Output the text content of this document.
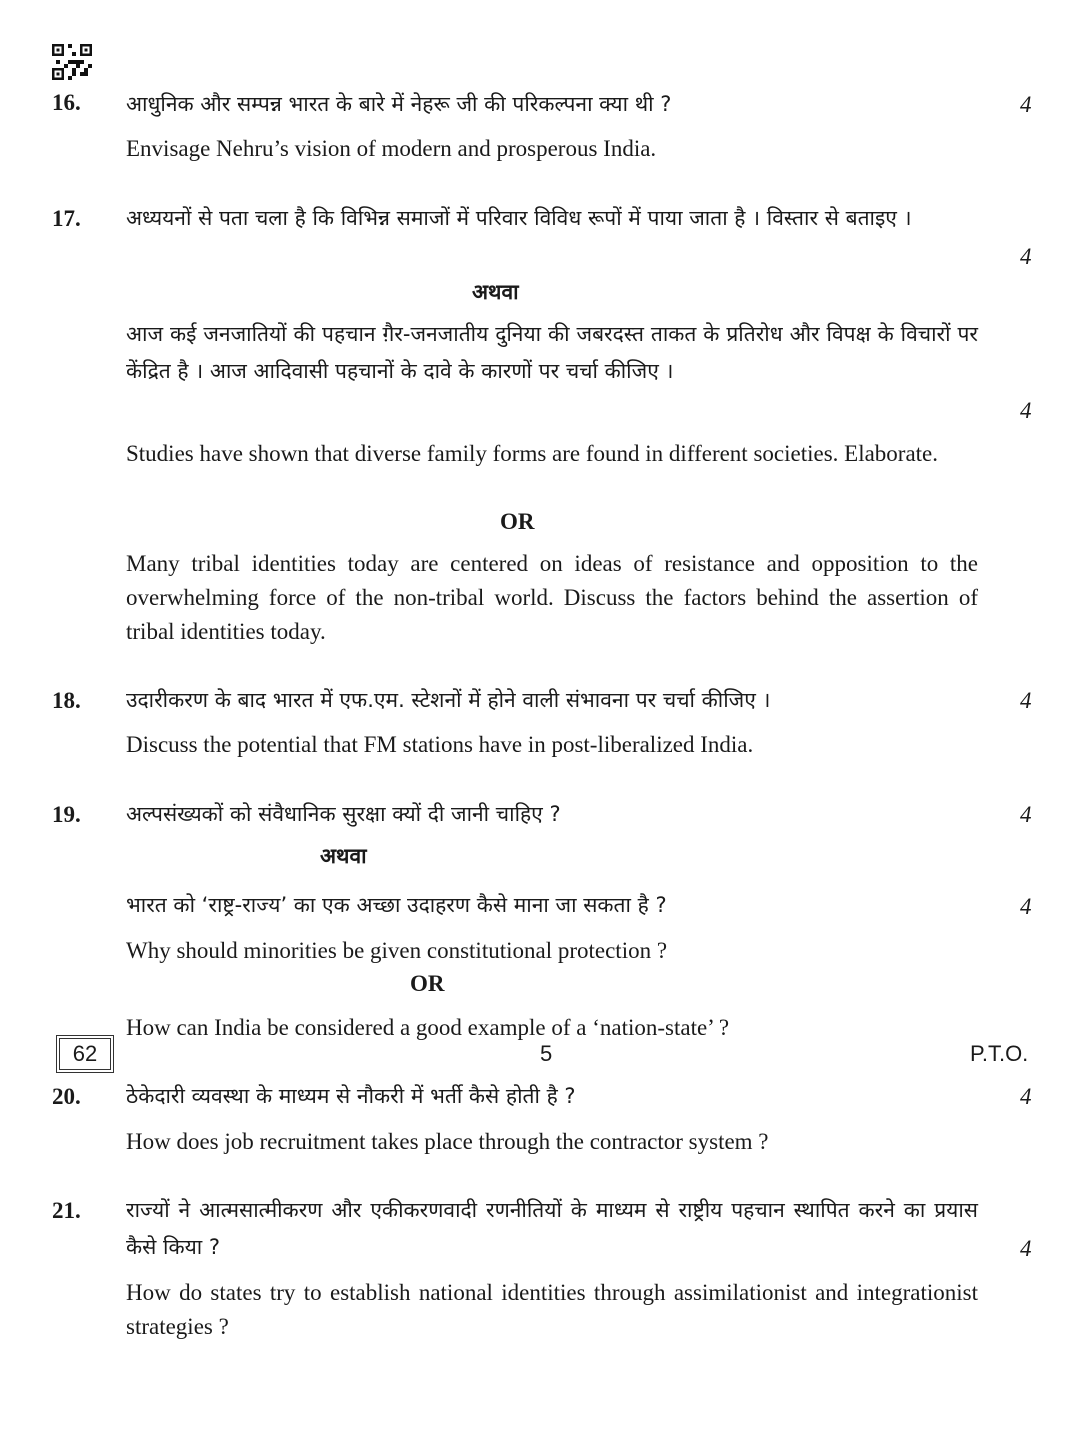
16. आधुनिक और सम्पन्न भारत के बारे में नेहरू जी की परिकल्पना क्या थी ?	4
Envisage Nehru’s vision of modern and prosperous India.
17. अध्ययनों से पता चला है कि विभिन्न समाजों में परिवार विविध रूपों में पाया जाता है । विस्तार से बताइए ।
4
अथवा
आज कई जनजातियों की पहचान ग़ैर-जनजातीय दुनिया की जबरदस्त ताकत के प्रतिरोध और विपक्ष के विचारों पर केंद्रित है । आज आदिवासी पहचानों के दावे के कारणों पर चर्चा कीजिए ।
4
Studies have shown that diverse family forms are found in different societies. Elaborate.
OR
Many tribal identities today are centered on ideas of resistance and opposition to the overwhelming force of the non-tribal world. Discuss the factors behind the assertion of tribal identities today.
18. उदारीकरण के बाद भारत में एफ.एम. स्टेशनों में होने वाली संभावना पर चर्चा कीजिए ।	4
Discuss the potential that FM stations have in post-liberalized India.
19. अल्पसंख्यकों को संवैधानिक सुरक्षा क्यों दी जानी चाहिए ?	4
अथवा
भारत को ‘राष्ट्र-राज्य’ का एक अच्छा उदाहरण कैसे माना जा सकता है ?	4
Why should minorities be given constitutional protection ?
OR
How can India be considered a good example of a ‘nation-state’ ?
20. ठेकेदारी व्यवस्था के माध्यम से नौकरी में भर्ती कैसे होती है ?	4
How does job recruitment takes place through the contractor system ?
21. राज्यों ने आत्मसात्मीकरण और एकीकरणवादी रणनीतियों के माध्यम से राष्ट्रीय पहचान स्थापित करने का प्रयास कैसे किया ?	4
How do states try to establish national identities through assimilationist and integrationist strategies ?
62	5	P.T.O.
